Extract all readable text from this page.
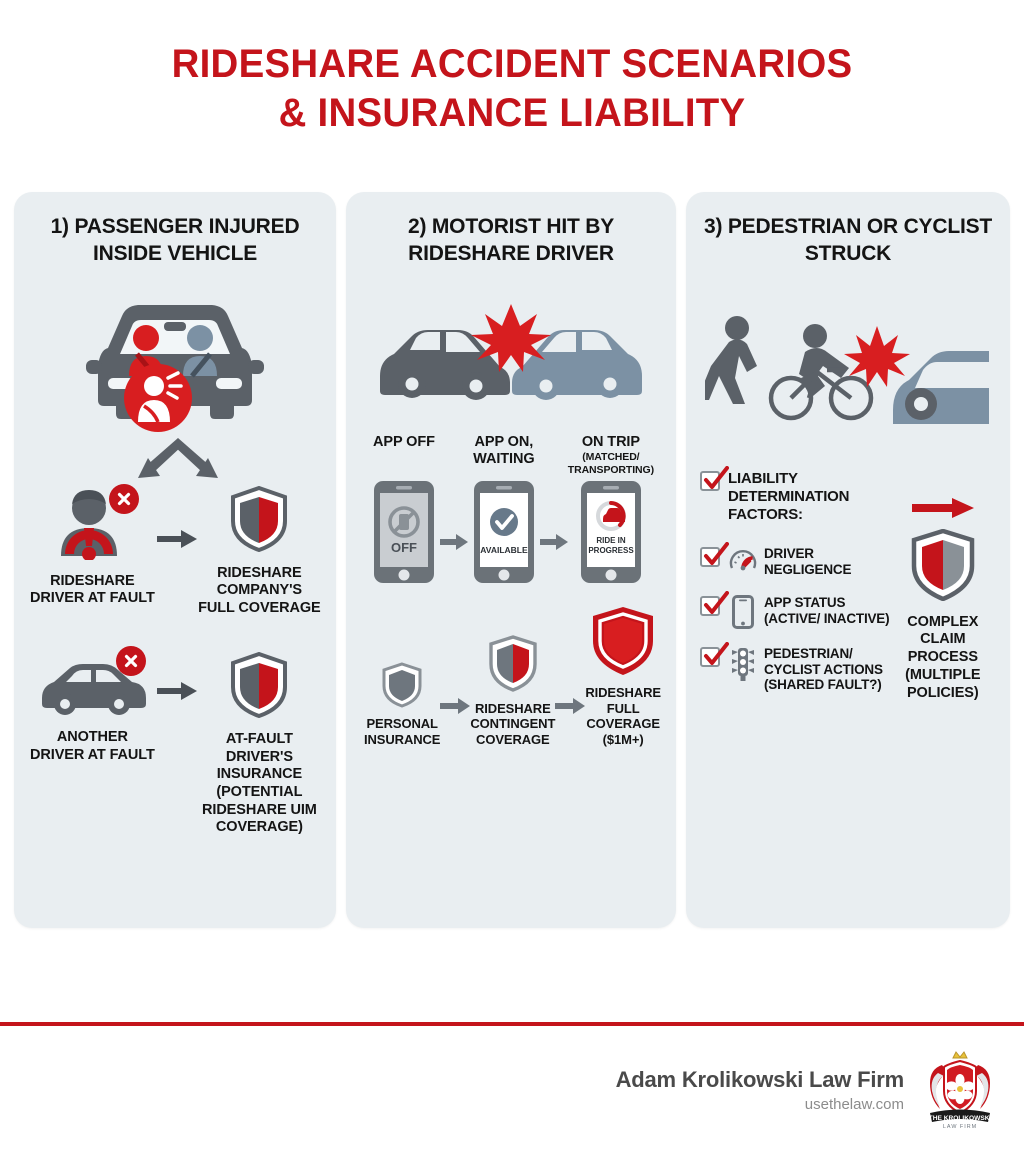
RIDESHARE ACCIDENT SCENARIOS
& INSURANCE LIABILITY
1) PASSENGER INJURED INSIDE VEHICLE
RIDESHARE DRIVER AT FAULT
RIDESHARE COMPANY'S FULL COVERAGE
ANOTHER DRIVER AT FAULT
AT-FAULT DRIVER'S INSURANCE (POTENTIAL RIDESHARE UIM COVERAGE)
2) MOTORIST HIT BY RIDESHARE DRIVER
APP OFF
OFF
APP ON, WAITING
AVAILABLE
ON TRIP
(MATCHED/ TRANSPORTING)
RIDE IN
PROGRESS
PERSONAL INSURANCE
RIDESHARE CONTINGENT COVERAGE
RIDESHARE FULL COVERAGE ($1M+)
3) PEDESTRIAN OR CYCLIST STRUCK
LIABILITY DETERMINATION FACTORS:
DRIVER NEGLIGENCE
APP STATUS (ACTIVE/ INACTIVE)
PEDESTRIAN/ CYCLIST ACTIONS (SHARED FAULT?)
COMPLEX CLAIM PROCESS (MULTIPLE POLICIES)
Adam Krolikowski Law Firm
usethelaw.com
THE KROLIKOWSKI
LAW FIRM
